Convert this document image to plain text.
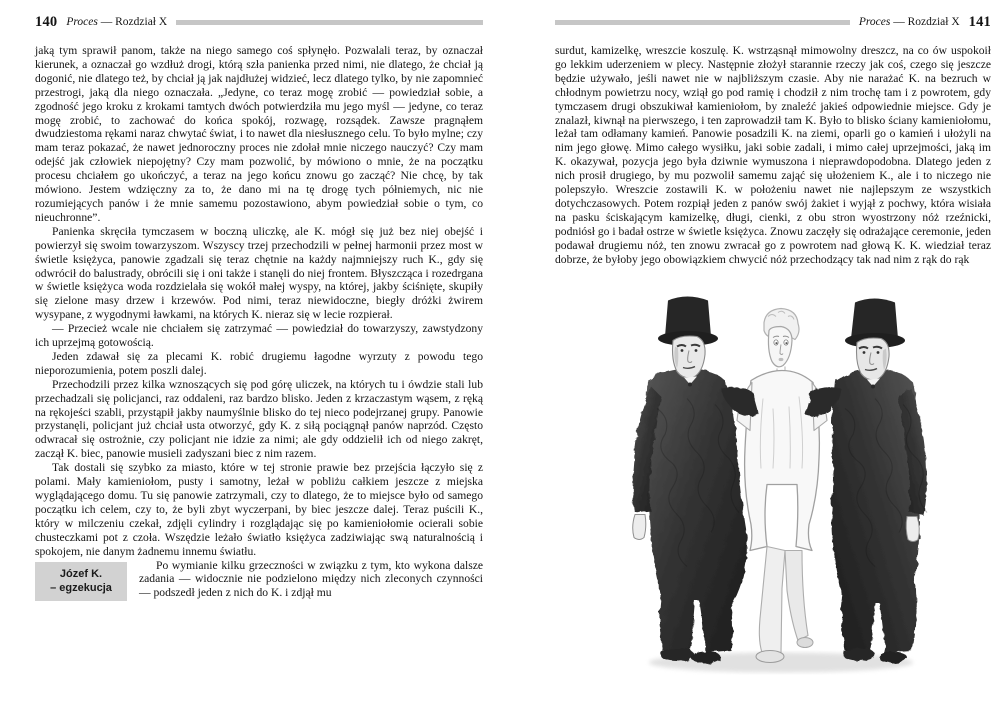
140 Proces — Rozdział X

jaką tym sprawił panom, także na niego samego coś spłynęło. Pozwalali teraz, by oznaczał kierunek, a oznaczał go wzdłuż drogi, którą szła panienka przed nimi, nie dlatego, że chciał ją dogonić, nie dlatego też, by chciał ją jak najdłużej widzieć, lecz dlatego tylko, by nie zapomnieć przestrogi, jaką dla niego oznaczała. „Jedyne, co teraz mogę zrobić — powiedział sobie, a zgodność jego kroku z krokami tamtych dwóch potwierdziła mu jego myśl — jedyne, co teraz mogę zrobić, to zachować do końca spokój, rozwagę, rozsądek. Zawsze pragnąłem dwudziestoma rękami naraz chwytać świat, i to nawet dla niesłusznego celu. To było mylne; czy mam teraz pokazać, że nawet jednoroczny proces nie zdołał mnie niczego nauczyć? Czy mam odejść jak człowiek niepojętny? Czy mam pozwolić, by mówiono o mnie, że na początku procesu chciałem go ukończyć, a teraz na jego końcu znowu go zacząć? Nie chcę, by tak mówiono. Jestem wdzięczny za to, że dano mi na tę drogę tych półniemych, nic nie rozumiejących panów i że mnie samemu pozostawiono, abym powiedział sobie o tym, co nieuchronne”.

Panienka skręciła tymczasem w boczną uliczkę, ale K. mógł się już bez niej obejść i powierzył się swoim towarzyszom. Wszyscy trzej przechodzili w pełnej harmonii przez most w świetle księżyca, panowie zgadzali się teraz chętnie na każdy najmniejszy ruch K., gdy się odwrócił do balustrady, obrócili się i oni także i stanęli do niej frontem. Błyszcząca i rozedrgana w świetle księżyca woda rozdzielała się wokół małej wyspy, na której, jakby ściśnięte, skupiły się zielone masy drzew i krzewów. Pod nimi, teraz niewidoczne, biegły dróżki żwirem wysypane, z wygodnymi ławkami, na których K. nieraz się w lecie rozpierał.

— Przecież wcale nie chciałem się zatrzymać — powiedział do towarzyszy, zawstydzony ich uprzejmą gotowością.

Jeden zdawał się za plecami K. robić drugiemu łagodne wyrzuty z powodu tego nieporozumienia, potem poszli dalej.

Przechodzili przez kilka wznoszących się pod górę uliczek, na których tu i ówdzie stali lub przechadzali się policjanci, raz oddaleni, raz bardzo blisko. Jeden z krzaczastym wąsem, z ręką na rękojeści szabli, przystąpił jakby naumyślnie blisko do tej nieco podejrzanej grupy. Panowie przystanęli, policjant już chciał usta otworzyć, gdy K. z siłą pociągnął panów naprzód. Często odwracał się ostrożnie, czy policjant nie idzie za nimi; ale gdy oddzielił ich od niego zakręt, zaczął K. biec, panowie musieli zadyszani biec z nim razem.

Tak dostali się szybko za miasto, które w tej stronie prawie bez przejścia łączyło się z polami. Mały kamieniołom, pusty i samotny, leżał w pobliżu całkiem jeszcze z miejska wyglądającego domu. Tu się panowie zatrzymali, czy to dlatego, że to miejsce było od samego początku ich celem, czy to, że byli zbyt wyczerpani, by biec jeszcze dalej. Teraz puścili K., który w milczeniu czekał, zdjęli cylindry i rozglądając się po kamieniołomie ocierali sobie chusteczkami pot z czoła. Wszędzie leżało światło księżyca zadziwiając swą naturalnością i spokojem, nie danym żadnemu innemu światłu.

Józef K.
– egzekucja

Po wymianie kilku grzeczności w związku z tym, kto wykona dalsze zadania — widocznie nie podzielono między nich zleconych czynności — podszedł jeden z nich do K. i zdjął mu

Proces — Rozdział X 141

surdut, kamizelkę, wreszcie koszulę. K. wstrząsnął mimowolny dreszcz, na co ów uspokoił go lekkim uderzeniem w plecy. Następnie złożył starannie rzeczy jak coś, czego się jeszcze będzie używało, jeśli nawet nie w najbliższym czasie. Aby nie narażać K. na bezruch w chłodnym powietrzu nocy, wziął go pod ramię i chodził z nim trochę tam i z powrotem, gdy tymczasem drugi obszukiwał kamieniołom, by znaleźć jakieś odpowiednie miejsce. Gdy je znalazł, kiwnął na pierwszego, i ten zaprowadził tam K. Było to blisko ściany kamieniołomu, leżał tam odłamany kamień. Panowie posadzili K. na ziemi, oparli go o kamień i ułożyli na nim jego głowę. Mimo całego wysiłku, jaki sobie zadali, i mimo całej uprzejmości, jaką im K. okazywał, pozycja jego była dziwnie wymuszona i nieprawdopodobna. Dlatego jeden z nich prosił drugiego, by mu pozwolił samemu zająć się ułożeniem K., ale i to niczego nie polepszyło. Wreszcie zostawili K. w położeniu nawet nie najlepszym ze wszystkich dotychczasowych. Potem rozpiął jeden z panów swój żakiet i wyjął z pochwy, która wisiała na pasku ściskającym kamizelkę, długi, cienki, z obu stron wyostrzony nóż rzeźnicki, podniósł go i badał ostrze w świetle księżyca. Znowu zaczęły się odrażające ceremonie, jeden podawał drugiemu nóż, ten znowu zwracał go z powrotem nad głową K. K. wiedział teraz dobrze, że byłoby jego obowiązkiem chwycić nóż przechodzący tak nad nim z rąk do rąk
